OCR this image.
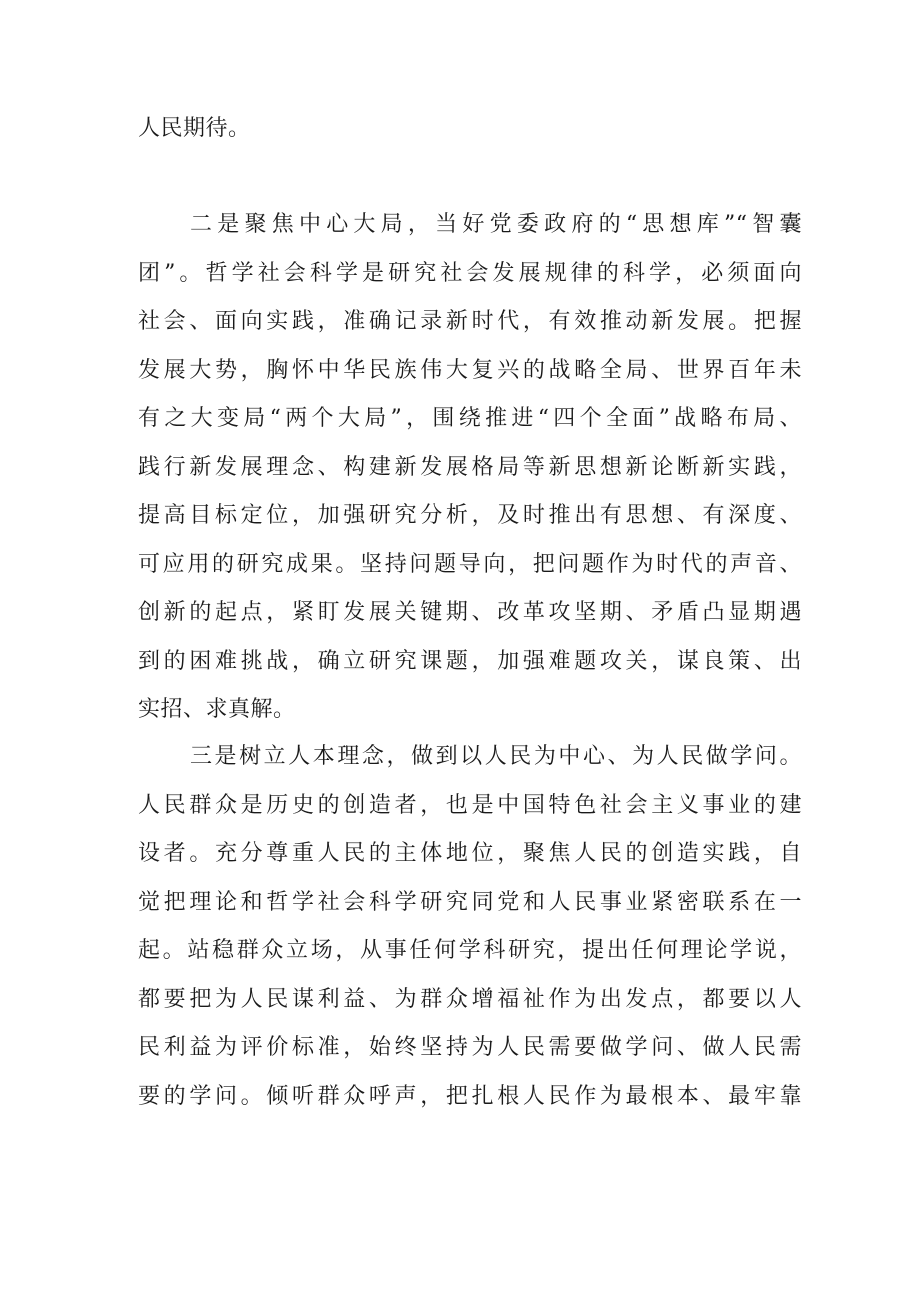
人民期待。
二是聚焦中心大局，当好党委政府的“思想库”“智囊
团”。哲学社会科学是研究社会发展规律的科学，必须面向
社会、面向实践，准确记录新时代，有效推动新发展。把握
发展大势，胸怀中华民族伟大复兴的战略全局、世界百年未
有之大变局“两个大局”，围绕推进“四个全面”战略布局、
践行新发展理念、构建新发展格局等新思想新论断新实践，
提高目标定位，加强研究分析，及时推出有思想、有深度、
可应用的研究成果。坚持问题导向，把问题作为时代的声音、
创新的起点，紧盯发展关键期、改革攻坚期、矛盾凸显期遇
到的困难挑战，确立研究课题，加强难题攻关，谋良策、出
实招、求真解。
三是树立人本理念，做到以人民为中心、为人民做学问。
人民群众是历史的创造者，也是中国特色社会主义事业的建
设者。充分尊重人民的主体地位，聚焦人民的创造实践，自
觉把理论和哲学社会科学研究同党和人民事业紧密联系在一
起。站稳群众立场，从事任何学科研究，提出任何理论学说，
都要把为人民谋利益、为群众增福祉作为出发点，都要以人
民利益为评价标准，始终坚持为人民需要做学问、做人民需
要的学问。倾听群众呼声，把扎根人民作为最根本、最牢靠
